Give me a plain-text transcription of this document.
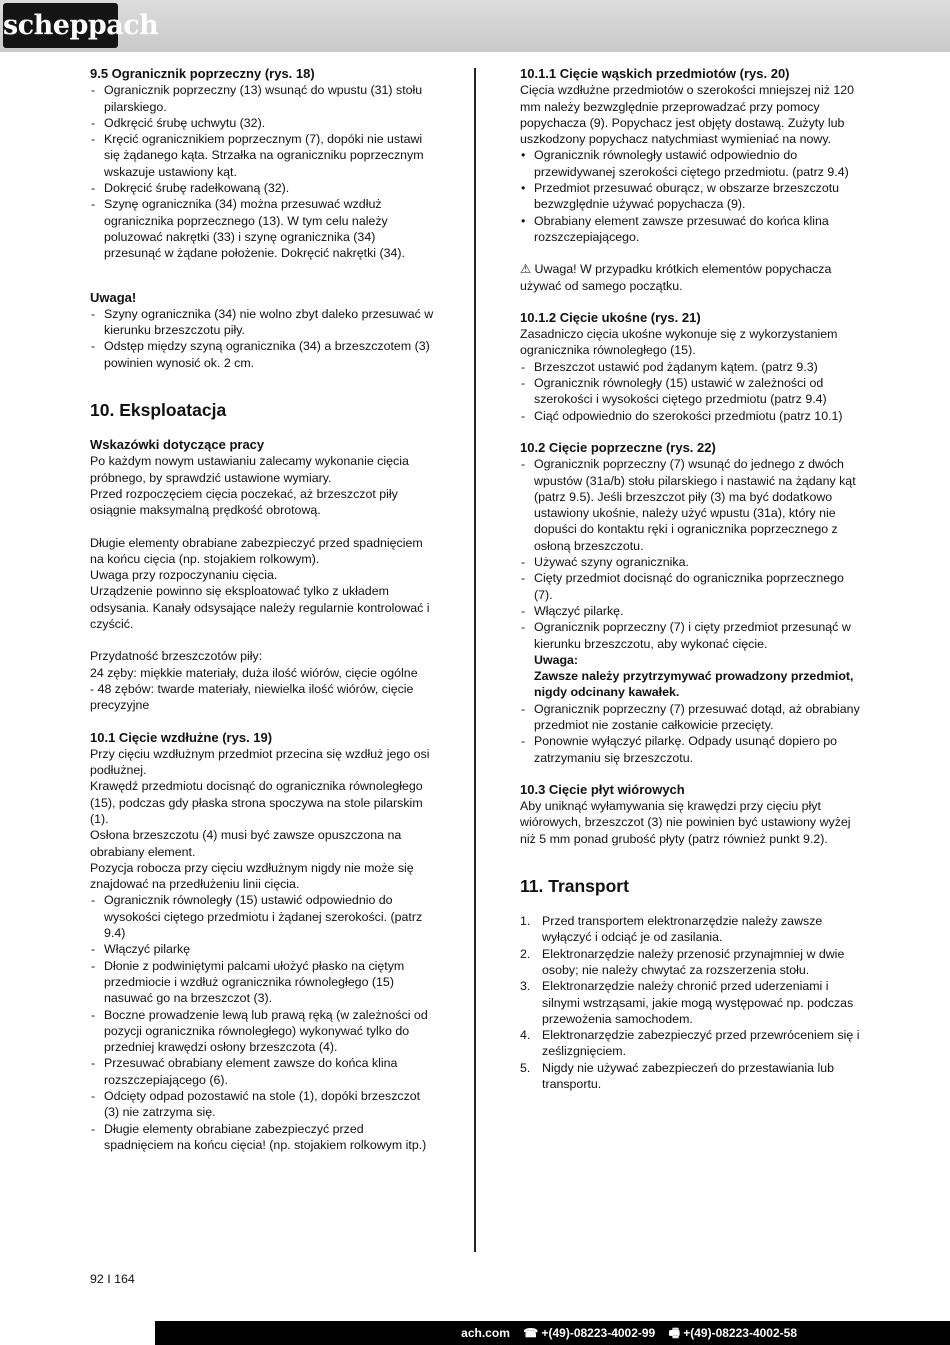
scheppach

9.5 Ogranicznik poprzeczny (rys. 18)

- Ogranicznik poprzeczny (13) wsunąć do wpustu (31) stołu pilarskiego.

- Odkręcić śrubę uchwytu (32).

- Kręcić ogranicznikiem poprzecznym (7), dopóki nie ustawi się żądanego kąta. Strzałka na ograniczniku poprzecznym wskazuje ustawiony kąt.

- Dokręcić śrubę radełkowaną (32).

- Szynę ogranicznika (34) można przesuwać wzdłuż ogranicznika poprzecznego (13). W tym celu należy poluzować nakrętki (33) i szynę ogranicznika (34) przesunąć w żądane położenie. Dokręcić nakrętki (34).

Uwaga!

- Szyny ogranicznika (34) nie wolno zbyt daleko przesuwać w kierunku brzeszczotu piły.

- Odstęp między szyną ogranicznika (34) a brzeszczotem (3) powinien wynosić ok. 2 cm.

10. Eksploatacja

Wskazówki dotyczące pracy

Po każdym nowym ustawianiu zalecamy wykonanie cięcia próbnego, by sprawdzić ustawione wymiary.

Przed rozpoczęciem cięcia poczekać, aż brzeszczot piły osiągnie maksymalną prędkość obrotową.

Długie elementy obrabiane zabezpieczyć przed spadnięciem na końcu cięcia (np. stojakiem rolkowym).

Uwaga przy rozpoczynaniu cięcia.

Urządzenie powinno się eksploatować tylko z układem odsysania. Kanały odsysające należy regularnie kontrolować i czyścić.

Przydatność brzeszczotów piły:

24 zęby: miękkie materiały, duża ilość wiórów, cięcie ogólne

- 48 zębów: twarde materiały, niewielka ilość wiórów, cięcie precyzyjne

10.1 Cięcie wzdłużne (rys. 19)

Przy cięciu wzdłużnym przedmiot przecina się wzdłuż jego osi podłużnej.

Krawędź przedmiotu docisnąć do ogranicznika równoległego (15), podczas gdy płaska strona spoczywa na stole pilarskim (1).

Osłona brzeszczotu (4) musi być zawsze opuszczona na obrabiany element.

Pozycja robocza przy cięciu wzdłużnym nigdy nie może się znajdować na przedłużeniu linii cięcia.

- Ogranicznik równoległy (15) ustawić odpowiednio do wysokości ciętego przedmiotu i żądanej szerokości. (patrz 9.4)

- Włączyć pilarkę

- Dłonie z podwiniętymi palcami ułożyć płasko na ciętym przedmiocie i wzdłuż ogranicznika równoległego (15) nasuwać go na brzeszczot (3).

- Boczne prowadzenie lewą lub prawą ręką (w zależności od pozycji ogranicznika równoległego) wykonywać tylko do przedniej krawędzi osłony brzeszczota (4).

- Przesuwać obrabiany element zawsze do końca klina rozszczepiającego (6).

- Odcięty odpad pozostawić na stole (1), dopóki brzeszczot (3) nie zatrzyma się.

- Długie elementy obrabiane zabezpieczyć przed spadnięciem na końcu cięcia! (np. stojakiem rolkowym itp.)

10.1.1 Cięcie wąskich przedmiotów (rys. 20)

Cięcia wzdłużne przedmiotów o szerokości mniejszej niż 120 mm należy bezwzględnie przeprowadzać przy pomocy popychacza (9). Popychacz jest objęty dostawą. Zużyty lub uszkodzony popychacz natychmiast wymieniać na nowy.

• Ogranicznik równoległy ustawić odpowiednio do przewidywanej szerokości ciętego przedmiotu. (patrz 9.4)

• Przedmiot przesuwać oburącz, w obszarze brzeszczotu bezwzględnie używać popychacza (9).

• Obrabiany element zawsze przesuwać do końca klina rozszczepiającego.

⚠ Uwaga! W przypadku krótkich elementów popychacza używać od samego początku.

10.1.2 Cięcie ukośne (rys. 21)

Zasadniczo cięcia ukośne wykonuje się z wykorzystaniem ogranicznika równoległego (15).

- Brzeszczot ustawić pod żądanym kątem. (patrz 9.3)

- Ogranicznik równoległy (15) ustawić w zależności od szerokości i wysokości ciętego przedmiotu (patrz 9.4)

- Ciąć odpowiednio do szerokości przedmiotu (patrz 10.1)

10.2 Cięcie poprzeczne (rys. 22)

- Ogranicznik poprzeczny (7) wsunąć do jednego z dwóch wpustów (31a/b) stołu pilarskiego i nastawić na żądany kąt (patrz 9.5). Jeśli brzeszczot piły (3) ma być dodatkowo ustawiony ukośnie, należy użyć wpustu (31a), który nie dopuści do kontaktu ręki i ogranicznika poprzecznego z osłoną brzeszczotu.

- Używać szyny ogranicznika.

- Cięty przedmiot docisnąć do ogranicznika poprzecznego (7).

- Włączyć pilarkę.

- Ogranicznik poprzeczny (7) i cięty przedmiot przesunąć w kierunku brzeszczotu, aby wykonać cięcie.

Uwaga:

Zawsze należy przytrzymywać prowadzony przedmiot, nigdy odcinany kawałek.

- Ogranicznik poprzeczny (7) przesuwać dotąd, aż obrabiany przedmiot nie zostanie całkowicie przecięty.

- Ponownie wyłączyć pilarkę. Odpady usunąć dopiero po zatrzymaniu się brzeszczotu.

10.3 Cięcie płyt wiórowych

Aby uniknąć wyłamywania się krawędzi przy cięciu płyt wiórowych, brzeszczot (3) nie powinien być ustawiony wyżej niż 5 mm ponad grubość płyty (patrz również punkt 9.2).

11. Transport

1. Przed transportem elektronarzędzie należy zawsze wyłączyć i odciąć je od zasilania.

2. Elektronarzędzie należy przenosić przynajmniej w dwie osoby; nie należy chwytać za rozszerzenia stołu.

3. Elektronarzędzie należy chronić przed uderzeniami i silnymi wstrząsami, jakie mogą występować np. podczas przewożenia samochodem.

4. Elektronarzędzie zabezpieczyć przed przewróceniem się i ześlizgnięciem.

5. Nigdy nie używać zabezpieczeń do przestawiania lub transportu.

92 I 164
ach.com ☎ +(49)-08223-4002-99 🖷 +(49)-08223-4002-58
